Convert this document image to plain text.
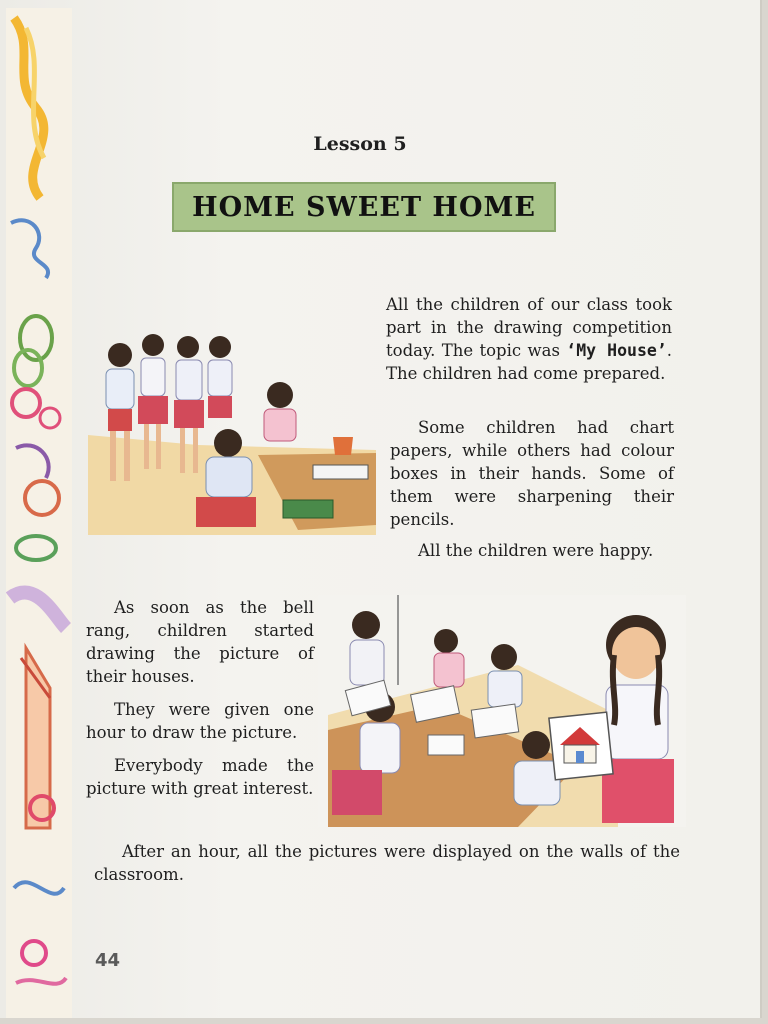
Lesson 5
HOME SWEET HOME

All the children of our class took part in the drawing competition today. The topic was ‘My House’. The children had come prepared.

Some children had chart papers, while others had colour boxes in their hands. Some of them were sharpening their pencils.

All the children were happy.

As soon as the bell rang, children started drawing the picture of their houses.

They were given one hour to draw the picture.

Everybody made the picture with great interest.

After an hour, all the pictures were displayed on the walls of the classroom.

44
